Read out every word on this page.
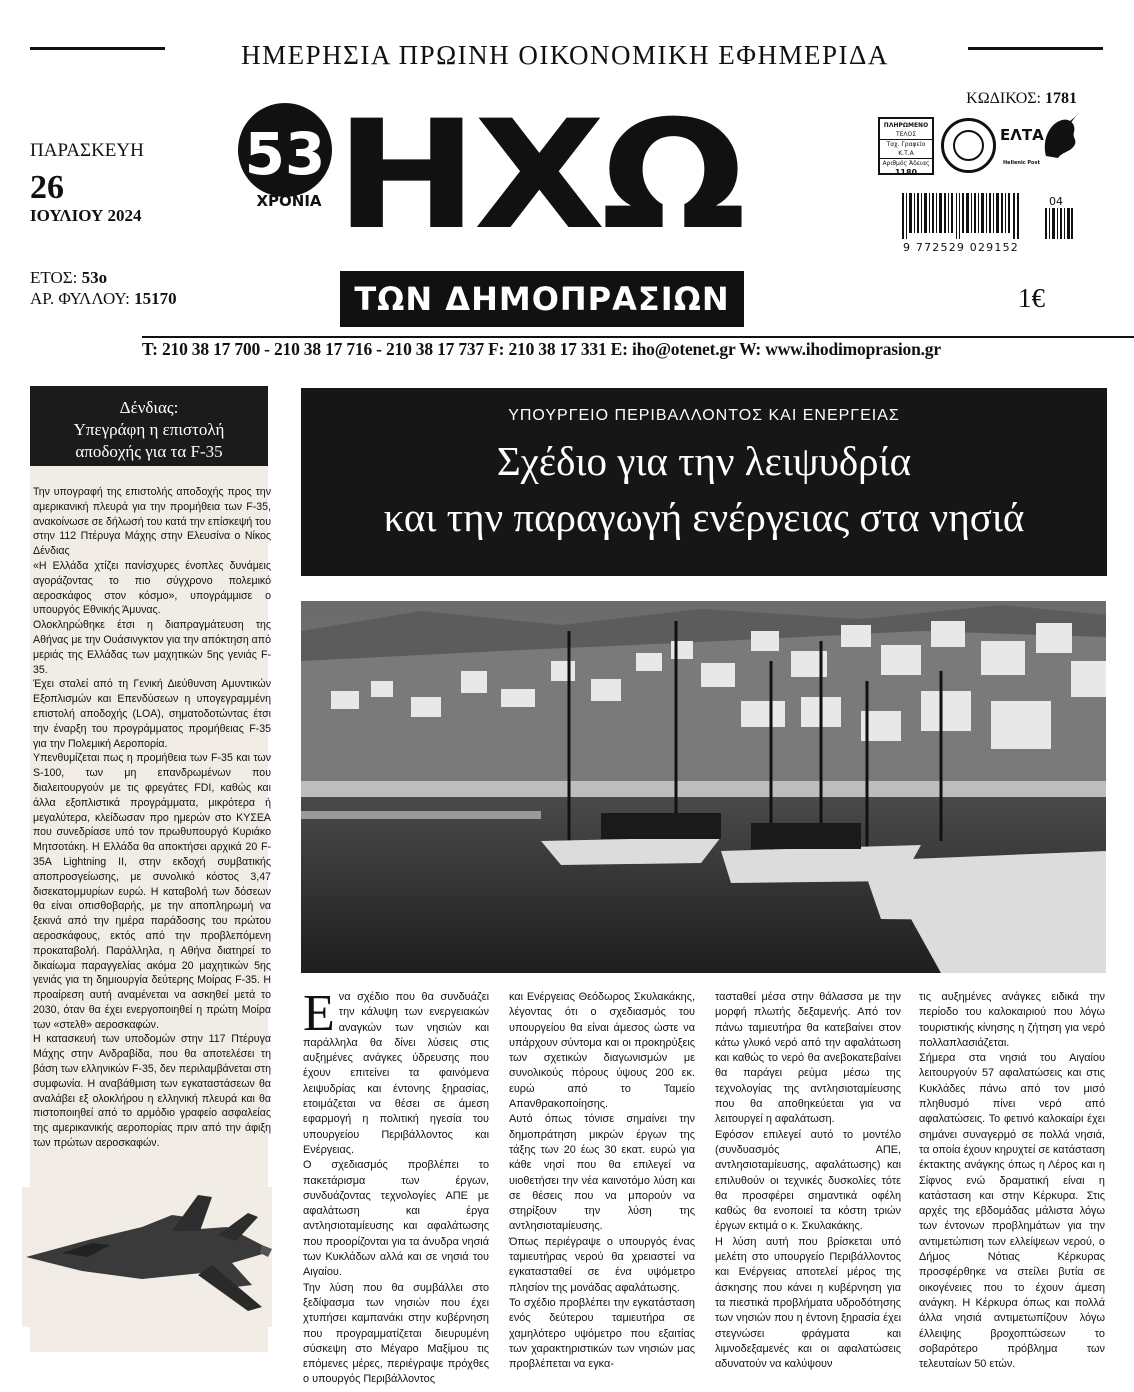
ΗΜΕΡΗΣΙΑ ΠΡΩΙΝΗ ΟΙΚΟΝΟΜΙΚΗ ΕΦΗΜΕΡΙΔΑ
ΠΑΡΑΣΚΕΥΗ
26
ΙΟΥΛΙΟΥ 2024
ΕΤΟΣ: 53ο
ΑΡ. ΦΥΛΛΟΥ: 15170
53
ΧΡΟΝΙΑ ΗΧΩ
ΤΩΝ ΔΗΜΟΠΡΑΣΙΩΝ
ΚΩΔΙΚΟΣ: 1781
ΠΛΗΡΩΜΕΝΟ
ΤΕΛΟΣ
Ταχ. Γραφείο
Κ.Τ.Α
Αριθμός Άδειας
1180
ΕΛΤΑ
Hellenic Post
9 772529 029152
04
1€
T: 210 38 17 700 - 210 38 17 716 - 210 38 17 737 F: 210 38 17 331 E: iho@otenet.gr W: www.ihodimoprasion.gr
Δένδιας:
Υπεγράφη η επιστολή
αποδοχής για τα F-35

Την υπογραφή της επιστολής αποδοχής προς την αμερικανική πλευρά για την προμήθεια των F-35, ανακοίνωσε σε δήλωσή του κατά την επίσκεψή του στην 112 Πτέρυγα Μάχης στην Ελευσίνα ο Νίκος Δένδιας

«Η Ελλάδα χτίζει πανίσχυρες ένοπλες δυνάμεις αγοράζοντας το πιο σύγχρονο πολεμικό αεροσκάφος στον κόσμο», υπογράμμισε ο υπουργός Εθνικής Άμυνας.

Ολοκληρώθηκε έτσι η διαπραγμάτευση της Αθήνας με την Ουάσινγκτον για την απόκτηση από μεριάς της Ελλάδας των μαχητικών 5ης γενιάς F-35.

Έχει σταλεί από τη Γενική Διεύθυνση Αμυντικών Εξοπλισμών και Επενδύσεων η υπογεγραμμένη επιστολή αποδοχής (LOA), σηματοδοτώντας έτσι την έναρξη του προγράμματος προμήθειας F-35 για την Πολεμική Αεροπορία.

Υπενθυμίζεται πως η προμήθεια των F-35 και των S-100, των μη επανδρωμένων που διαλειτουργούν με τις φρεγάτες FDI, καθώς και άλλα εξοπλιστικά προγράμματα, μικρότερα ή μεγαλύτερα, κλείδωσαν προ ημερών στο ΚΥΣΕΑ που συνεδρίασε υπό τον πρωθυπουργό Κυριάκο Μητσοτάκη. Η Ελλάδα θα αποκτήσει αρχικά 20 F-35A Lightning II, στην εκδοχή συμβατικής αποπροσγείωσης, με συνολικό κόστος 3,47 δισεκατομμυρίων ευρώ. Η καταβολή των δόσεων θα είναι οπισθοβαρής, με την αποπληρωμή να ξεκινά από την ημέρα παράδοσης του πρώτου αεροσκάφους, εκτός από την προβλεπόμενη προκαταβολή. Παράλληλα, η Αθήνα διατηρεί το δικαίωμα παραγγελίας ακόμα 20 μαχητικών 5ης γενιάς για τη δημιουργία δεύτερης Μοίρας F-35. Η προαίρεση αυτή αναμένεται να ασκηθεί μετά το 2030, όταν θα έχει ενεργοποιηθεί η πρώτη Μοίρα των «στελθ» αεροσκαφών.

Η κατασκευή των υποδομών στην 117 Πτέρυγα Μάχης στην Ανδραβίδα, που θα αποτελέσει τη βάση των ελληνικών F-35, δεν περιλαμβάνεται στη συμφωνία. Η αναβάθμιση των εγκαταστάσεων θα αναλάβει εξ ολοκλήρου η ελληνική πλευρά και θα πιστοποιηθεί από το αρμόδιο γραφείο ασφαλείας της αμερικανικής αεροπορίας πριν από την άφιξη των πρώτων αεροσκαφών.

ΥΠΟΥΡΓΕΙΟ ΠΕΡΙΒΑΛΛΟΝΤΟΣ ΚΑΙ ΕΝΕΡΓΕΙΑΣ
Σχέδιο για την λειψυδρία
και την παραγωγή ενέργειας στα νησιά
Ε να σχέδιο που θα συνδυάζει την κάλυψη των ενεργειακών αναγκών των νησιών και παράλληλα θα δίνει λύσεις στις αυξημένες ανάγκες ύδρευσης που έχουν επιτείνει τα φαινόμενα λειψυδρίας και έντονης ξηρασίας, ετοιμάζεται να θέσει σε άμεση εφαρμογή η πολιτική ηγεσία του υπουργείου Περιβάλλοντος και Ενέργειας.

Ο σχεδιασμός προβλέπει το πακετάρισμα των έργων, συνδυάζοντας τεχνολογίες ΑΠΕ με αφαλάτωση και έργα αντλησιοταμίευσης και αφαλάτωσης που προορίζονται για τα άνυδρα νησιά των Κυκλάδων αλλά και σε νησιά του Αιγαίου.

Την λύση που θα συμβάλλει στο ξεδίψασμα των νησιών που έχει χτυπήσει καμπανάκι στην κυβέρνηση που προγραμματίζεται διευρυμένη σύσκεψη στο Μέγαρο Μαξίμου τις επόμενες μέρες, περιέγραψε πρόχθες ο υπουργός Περιβάλλοντος

και Ενέργειας Θεόδωρος Σκυλακάκης, λέγοντας ότι ο σχεδιασμός του υπουργείου θα είναι άμεσος ώστε να υπάρχουν σύντομα και οι προκηρύξεις των σχετικών διαγωνισμών με συνολικούς πόρους ύψους 200 εκ. ευρώ από το Ταμείο Απανθρακοποίησης.

Αυτό όπως τόνισε σημαίνει την δημοπράτηση μικρών έργων της τάξης των 20 έως 30 εκατ. ευρώ για κάθε νησί που θα επιλεγεί να υιοθετήσει την νέα καινοτόμο λύση και σε θέσεις που να μπορούν να στηρίξουν την λύση της αντλησιοταμίευσης.

Όπως περιέγραψε ο υπουργός ένας ταμιευτήρας νερού θα χρειαστεί να εγκατασταθεί σε ένα υψόμετρο πλησίον της μονάδας αφαλάτωσης.

Το σχέδιο προβλέπει την εγκατάσταση ενός δεύτερου ταμιευτήρα σε χαμηλότερο υψόμετρο που εξαιτίας των χαρακτηριστικών των νησιών μας προβλέπεται να εγκα-

τασταθεί μέσα στην θάλασσα με την μορφή πλωτής δεξαμενής. Από τον πάνω ταμιευτήρα θα κατεβαίνει στον κάτω γλυκό νερό από την αφαλάτωση και καθώς το νερό θα ανεβοκατεβαίνει θα παράγει ρεύμα μέσω της τεχνολογίας της αντλησιοταμίευσης που θα αποθηκεύεται για να λειτουργεί η αφαλάτωση.

Εφόσον επιλεγεί αυτό το μοντέλο (συνδυασμός ΑΠΕ, αντλησιοταμίευσης, αφαλάτωσης) και επιλυθούν οι τεχνικές δυσκολίες τότε θα προσφέρει σημαντικά οφέλη καθώς θα ενοποιεί τα κόστη τριών έργων εκτιμά ο κ. Σκυλακάκης.

Η λύση αυτή που βρίσκεται υπό μελέτη στο υπουργείο Περιβάλλοντος και Ενέργειας αποτελεί μέρος της άσκησης που κάνει η κυβέρνηση για τα πιεστικά προβλήματα υδροδότησης των νησιών που η έντονη ξηρασία έχει στεγνώσει φράγματα και λιμνοδεξαμενές και οι αφαλατώσεις αδυνατούν να καλύψουν

τις αυξημένες ανάγκες ειδικά την περίοδο του καλοκαιριού που λόγω τουριστικής κίνησης η ζήτηση για νερό πολλαπλασιάζεται.

Σήμερα στα νησιά του Αιγαίου λειτουργούν 57 αφαλατώσεις και στις Κυκλάδες πάνω από τον μισό πληθυσμό πίνει νερό από αφαλατώσεις. Το φετινό καλοκαίρι έχει σημάνει συναγερμό σε πολλά νησιά, τα οποία έχουν κηρυχτεί σε κατάσταση έκτακτης ανάγκης όπως η Λέρος και η Σίφνος ενώ δραματική είναι η κατάσταση και στην Κέρκυρα. Στις αρχές της εβδομάδας μάλιστα λόγω των έντονων προβλημάτων για την αντιμετώπιση των ελλείψεων νερού, ο Δήμος Νότιας Κέρκυρας προσφέρθηκε να στείλει βυτία σε οικογένειες που το έχουν άμεση ανάγκη. Η Κέρκυρα όπως και πολλά άλλα νησιά αντιμετωπίζουν λόγω έλλειψης βροχοπτώσεων το σοβαρότερο πρόβλημα των τελευταίων 50 ετών.
